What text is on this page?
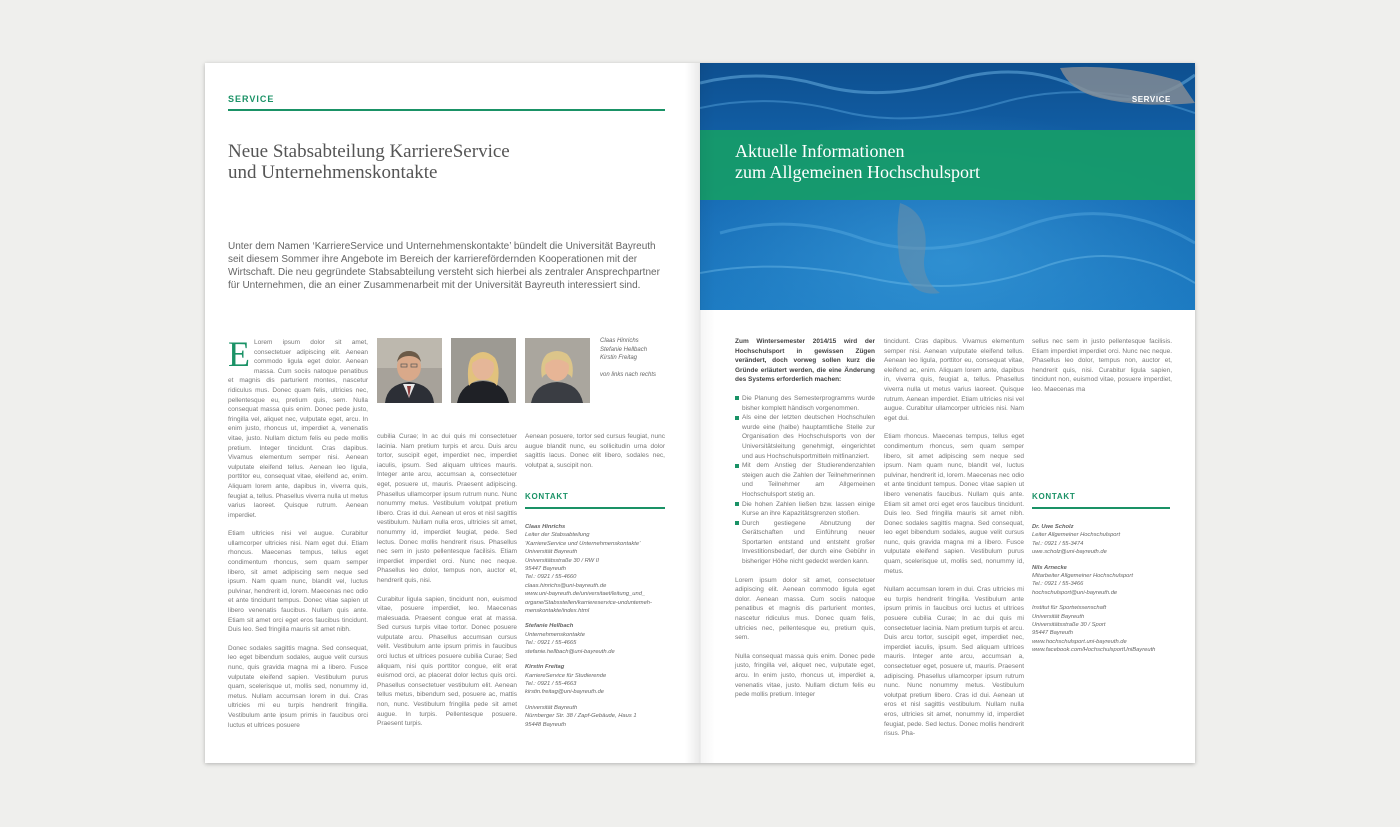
SERVICE
Neue Stabsabteilung KarriereService
und Unternehmenskontakte
Unter dem Namen ‘KarriereService und Unternehmenskontakte’ bündelt die Universität Bayreuth seit diesem Sommer ihre Angebote im Bereich der karrierefördernden Kooperationen mit der Wirtschaft. Die neu gegründete Stabsabteilung versteht sich hierbei als zentraler Ansprechpartner für Unternehmen, die an einer Zusammenarbeit mit der Universität Bayreuth interessiert sind.

E Lorem ipsum dolor sit amet, consectetuer adipiscing elit. Aenean commodo ligula eget dolor. Aenean massa. Cum sociis natoque penatibus et magnis dis parturient montes, nascetur ridiculus mus. Donec quam felis, ultricies nec, pellentesque eu, pretium quis, sem. Nulla consequat massa quis enim. Donec pede justo, fringilla vel, aliquet nec, vulputate eget, arcu. In enim justo, rhoncus ut, imperdiet a, venenatis vitae, justo. Nullam dictum felis eu pede mollis pretium. Integer tincidunt. Cras dapibus. Vivamus elementum semper nisi. Aenean vulputate eleifend tellus. Aenean leo ligula, porttitor eu, consequat vitae, eleifend ac, enim. Aliquam lorem ante, dapibus in, viverra quis, feugiat a, tellus. Phasellus viverra nulla ut metus varius laoreet. Quisque rutrum. Aenean imperdiet.

Etiam ultricies nisi vel augue. Curabitur ullamcorper ultricies nisi. Nam eget dui. Etiam rhoncus. Maecenas tempus, tellus eget condimentum rhoncus, sem quam semper libero, sit amet adipiscing sem neque sed ipsum. Nam quam nunc, blandit vel, luctus pulvinar, hendrerit id, lorem. Maecenas nec odio et ante tincidunt tempus. Donec vitae sapien ut libero venenatis faucibus. Nullam quis ante. Etiam sit amet orci eget eros faucibus tincidunt. Duis leo. Sed fringilla mauris sit amet nibh.

Donec sodales sagittis magna. Sed consequat, leo eget bibendum sodales, augue velit cursus nunc, quis gravida magna mi a libero. Fusce vulputate eleifend sapien. Vestibulum purus quam, scelerisque ut, mollis sed, nonummy id, metus. Nullam accumsan lorem in dui. Cras ultricies mi eu turpis hendrerit fringilla. Vestibulum ante ipsum primis in faucibus orci luctus et ultrices posuere

Claas Hinrichs
Stefanie Hellbach
Kirstin Freitag
von links nach rechts

cubilia Curae; In ac dui quis mi consectetuer lacinia. Nam pretium turpis et arcu. Duis arcu tortor, suscipit eget, imperdiet nec, imperdiet iaculis, ipsum. Sed aliquam ultrices mauris. Integer ante arcu, accumsan a, consectetuer eget, posuere ut, mauris. Praesent adipiscing. Phasellus ullamcorper ipsum rutrum nunc. Nunc nonummy metus. Vestibulum volutpat pretium libero. Cras id dui. Aenean ut eros et nisl sagittis vestibulum. Nullam nulla eros, ultricies sit amet, nonummy id, imperdiet feugiat, pede. Sed lectus. Donec mollis hendrerit risus. Phasellus nec sem in justo pellentesque facilisis. Etiam imperdiet imperdiet orci. Nunc nec neque. Phasellus leo dolor, tempus non, auctor et, hendrerit quis, nisi.

Curabitur ligula sapien, tincidunt non, euismod vitae, posuere imperdiet, leo. Maecenas malesuada. Praesent congue erat at massa. Sed cursus turpis vitae tortor. Donec posuere vulputate arcu. Phasellus accumsan cursus velit. Vestibulum ante ipsum primis in faucibus orci luctus et ultrices posuere cubilia Curae; Sed aliquam, nisi quis porttitor congue, elit erat euismod orci, ac placerat dolor lectus quis orci. Phasellus consectetuer vestibulum elit. Aenean tellus metus, bibendum sed, posuere ac, mattis non, nunc. Vestibulum fringilla pede sit amet augue. In turpis. Pellentesque posuere. Praesent turpis.

Aenean posuere, tortor sed cursus feugiat, nunc augue blandit nunc, eu sollicitudin urna dolor sagittis lacus. Donec elit libero, sodales nec, volutpat a, suscipit non.

KONTAKT
Claas Hinrichs
Leiter der Stabsabteilung
‘KarriereService und Unternehmenskontakte’
Universität Bayreuth
Universitätsstraße 30 / RW II
95447 Bayreuth
Tel.: 0921 / 55-4660
claas.hinrichs@uni-bayreuth.de
www.uni-bayreuth.de/universitaet/leitung_und_
organe/Stabsstellen/karriereservice-unduntemeh-
menskontakte/index.html
Stefanie Hellbach
Unternehmenskontakte
Tel.: 0921 / 55-4665
stefanie.hellbach@uni-bayreuth.de
Kirstin Freitag
KarriereService für Studierende
Tel.: 0921 / 55-4663
kirstin.freitag@uni-bayreuth.de
Universität Bayreuth
Nürnberger Str. 38 / Zapf-Gebäude, Haus 1
95448 Bayreuth
SERVICE
Aktuelle Informationen
zum Allgemeinen Hochschulsport

Zum Wintersemester 2014/15 wird der Hochschulsport in gewissen Zügen verändert, doch vorweg sollen kurz die Gründe erläutert werden, die eine Änderung des Systems erforderlich machen:

Die Planung des Semesterprogramms wurde bisher komplett händisch vorgenommen.
Als eine der letzten deutschen Hochschulen wurde eine (halbe) hauptamtliche Stelle zur Organisation des Hochschulsports von der Universitätsleitung genehmigt, eingerichtet und aus Hochschulsportmitteln mitfinanziert.
Mit dem Anstieg der Studierendenzahlen steigen auch die Zahlen der Teilnehmerinnen und Teilnehmer am Allgemeinen Hochschulsport stetig an.
Die hohen Zahlen ließen bzw. lassen einige Kurse an ihre Kapazitätsgrenzen stoßen.
Durch gestiegene Abnutzung der Gerätschaften und Einführung neuer Sportarten entstand und entsteht großer Investitionsbedarf, der durch eine Gebühr in bisheriger Höhe nicht gedeckt werden kann.

Lorem ipsum dolor sit amet, consectetuer adipiscing elit. Aenean commodo ligula eget dolor. Aenean massa. Cum sociis natoque penatibus et magnis dis parturient montes, nascetur ridiculus mus. Donec quam felis, ultricies nec, pellentesque eu, pretium quis, sem.

Nulla consequat massa quis enim. Donec pede justo, fringilla vel, aliquet nec, vulputate eget, arcu. In enim justo, rhoncus ut, imperdiet a, venenatis vitae, justo. Nullam dictum felis eu pede mollis pretium. Integer

tincidunt. Cras dapibus. Vivamus elementum semper nisi. Aenean vulputate eleifend tellus. Aenean leo ligula, porttitor eu, consequat vitae, eleifend ac, enim. Aliquam lorem ante, dapibus in, viverra quis, feugiat a, tellus. Phasellus viverra nulla ut metus varius laoreet. Quisque rutrum. Aenean imperdiet. Etiam ultricies nisi vel augue. Curabitur ullamcorper ultricies nisi. Nam eget dui.

Etiam rhoncus. Maecenas tempus, tellus eget condimentum rhoncus, sem quam semper libero, sit amet adipiscing sem neque sed ipsum. Nam quam nunc, blandit vel, luctus pulvinar, hendrerit id, lorem. Maecenas nec odio et ante tincidunt tempus. Donec vitae sapien ut libero venenatis faucibus. Nullam quis ante. Etiam sit amet orci eget eros faucibus tincidunt. Duis leo. Sed fringilla mauris sit amet nibh. Donec sodales sagittis magna. Sed consequat, leo eget bibendum sodales, augue velit cursus nunc, quis gravida magna mi a libero. Fusce vulputate eleifend sapien. Vestibulum purus quam, scelerisque ut, mollis sed, nonummy id, metus.

Nullam accumsan lorem in dui. Cras ultricies mi eu turpis hendrerit fringilla. Vestibulum ante ipsum primis in faucibus orci luctus et ultrices posuere cubilia Curae; In ac dui quis mi consectetuer lacinia. Nam pretium turpis et arcu. Duis arcu tortor, suscipit eget, imperdiet nec, imperdiet iaculis, ipsum. Sed aliquam ultrices mauris. Integer ante arcu, accumsan a, consectetuer eget, posuere ut, mauris. Praesent adipiscing. Phasellus ullamcorper ipsum rutrum nunc. Nunc nonummy metus. Vestibulum volutpat pretium libero. Cras id dui. Aenean ut eros et nisl sagittis vestibulum. Nullam nulla eros, ultricies sit amet, nonummy id, imperdiet feugiat, pede. Sed lectus. Donec mollis hendrerit risus. Pha-

sellus nec sem in justo pellentesque facilisis. Etiam imperdiet imperdiet orci. Nunc nec neque. Phasellus leo dolor, tempus non, auctor et, hendrerit quis, nisi. Curabitur ligula sapien, tincidunt non, euismod vitae, posuere imperdiet, leo. Maecenas ma

KONTAKT
Dr. Uwe Scholz
Leiter Allgemeiner Hochschulsport
Tel.: 0921 / 55-3474
uwe.scholz@uni-bayreuth.de
Nils Arnecke
Mitarbeiter Allgemeiner Hochschulsport
Tel.: 0921 / 55-3466
hochschulsport@uni-bayreuth.de
Institut für Sportwissenschaft
Universität Bayreuth
Universitätsstraße 30 / Sport
95447 Bayreuth
www.hochschulsport.uni-bayreuth.de
www.facebook.com/HochschulsportUniBayreuth
